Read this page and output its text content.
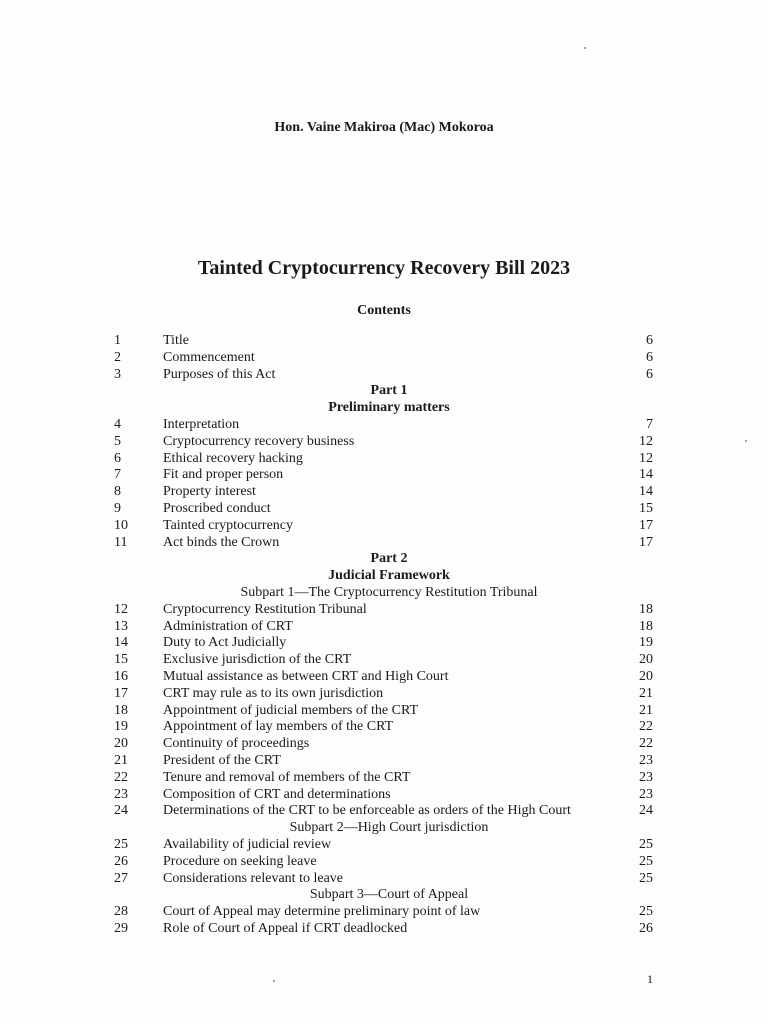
Hon. Vaine Makiroa (Mac) Mokoroa
Tainted Cryptocurrency Recovery Bill 2023
Contents
1	Title	6
2	Commencement	6
3	Purposes of this Act	6
Part 1
Preliminary matters
4	Interpretation	7
5	Cryptocurrency recovery business	12
6	Ethical recovery hacking	12
7	Fit and proper person	14
8	Property interest	14
9	Proscribed conduct	15
10	Tainted cryptocurrency	17
11	Act binds the Crown	17
Part 2
Judicial Framework
Subpart 1—The Cryptocurrency Restitution Tribunal
12	Cryptocurrency Restitution Tribunal	18
13	Administration of CRT	18
14	Duty to Act Judicially	19
15	Exclusive jurisdiction of the CRT	20
16	Mutual assistance as between CRT and High Court	20
17	CRT may rule as to its own jurisdiction	21
18	Appointment of judicial members of the CRT	21
19	Appointment of lay members of the CRT	22
20	Continuity of proceedings	22
21	President of the CRT	23
22	Tenure and removal of members of the CRT	23
23	Composition of CRT and determinations	23
24	Determinations of the CRT to be enforceable as orders of the High Court	24
Subpart 2—High Court jurisdiction
25	Availability of judicial review	25
26	Procedure on seeking leave	25
27	Considerations relevant to leave	25
Subpart 3—Court of Appeal
28	Court of Appeal may determine preliminary point of law	25
29	Role of Court of Appeal if CRT deadlocked	26
1
